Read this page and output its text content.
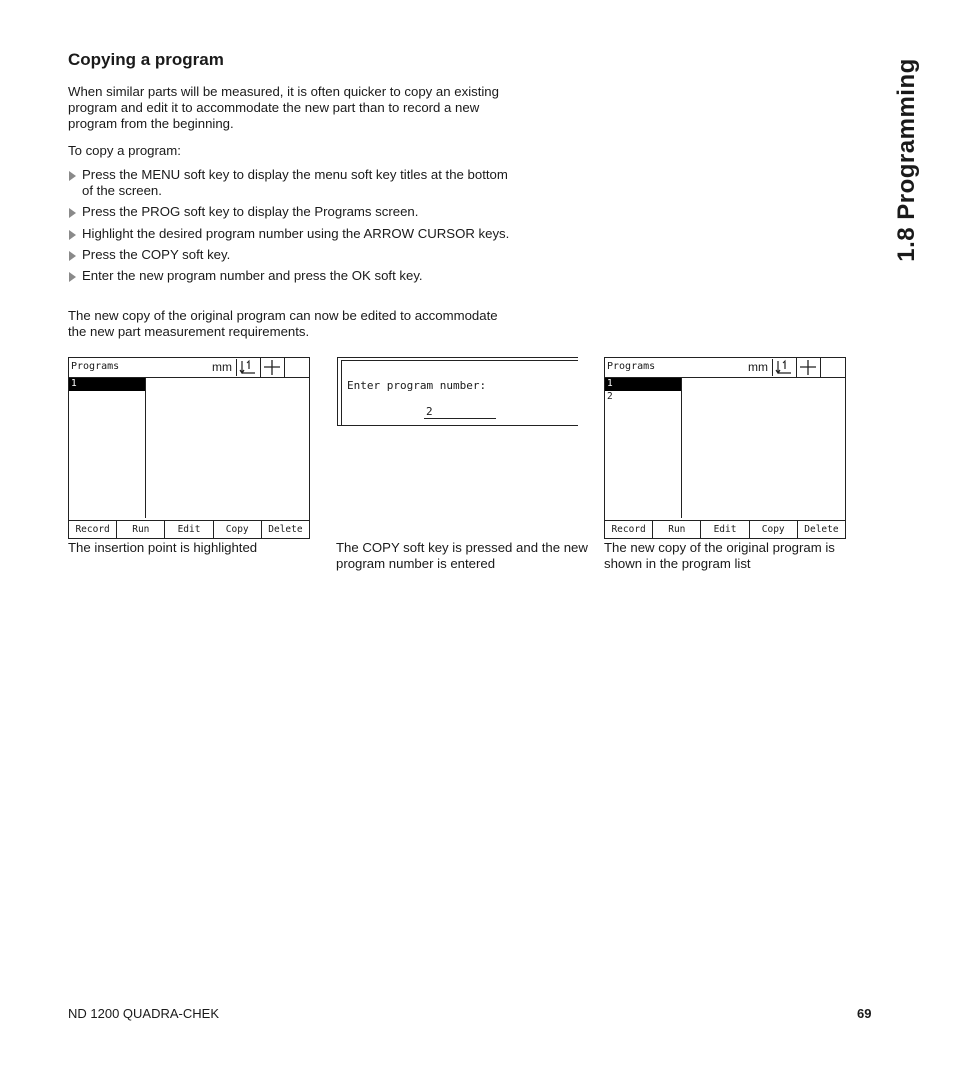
1.8 Programming
Copying a program

When similar parts will be measured, it is often quicker to copy an existing program and edit it to accommodate the new part than to record a new program from the beginning.

To copy a program:

Press the MENU soft key to display the menu soft key titles at the bottom of the screen.
Press the PROG soft key to display the Programs screen.
Highlight the desired program number using the ARROW CURSOR keys.
Press the COPY soft key.
Enter the new program number and press the OK soft key.

The new copy of the original program can now be edited to accommodate the new part measurement requirements.

Programs	mm
1
Record	Run	Edit	Copy	Delete
The insertion point is highlighted
Enter program number:
2
The COPY soft key is pressed and the new program number is entered
Programs	mm
1
2
Record	Run	Edit	Copy	Delete
The new copy of the original program is shown in the program list
ND 1200 QUADRA-CHEK	69
